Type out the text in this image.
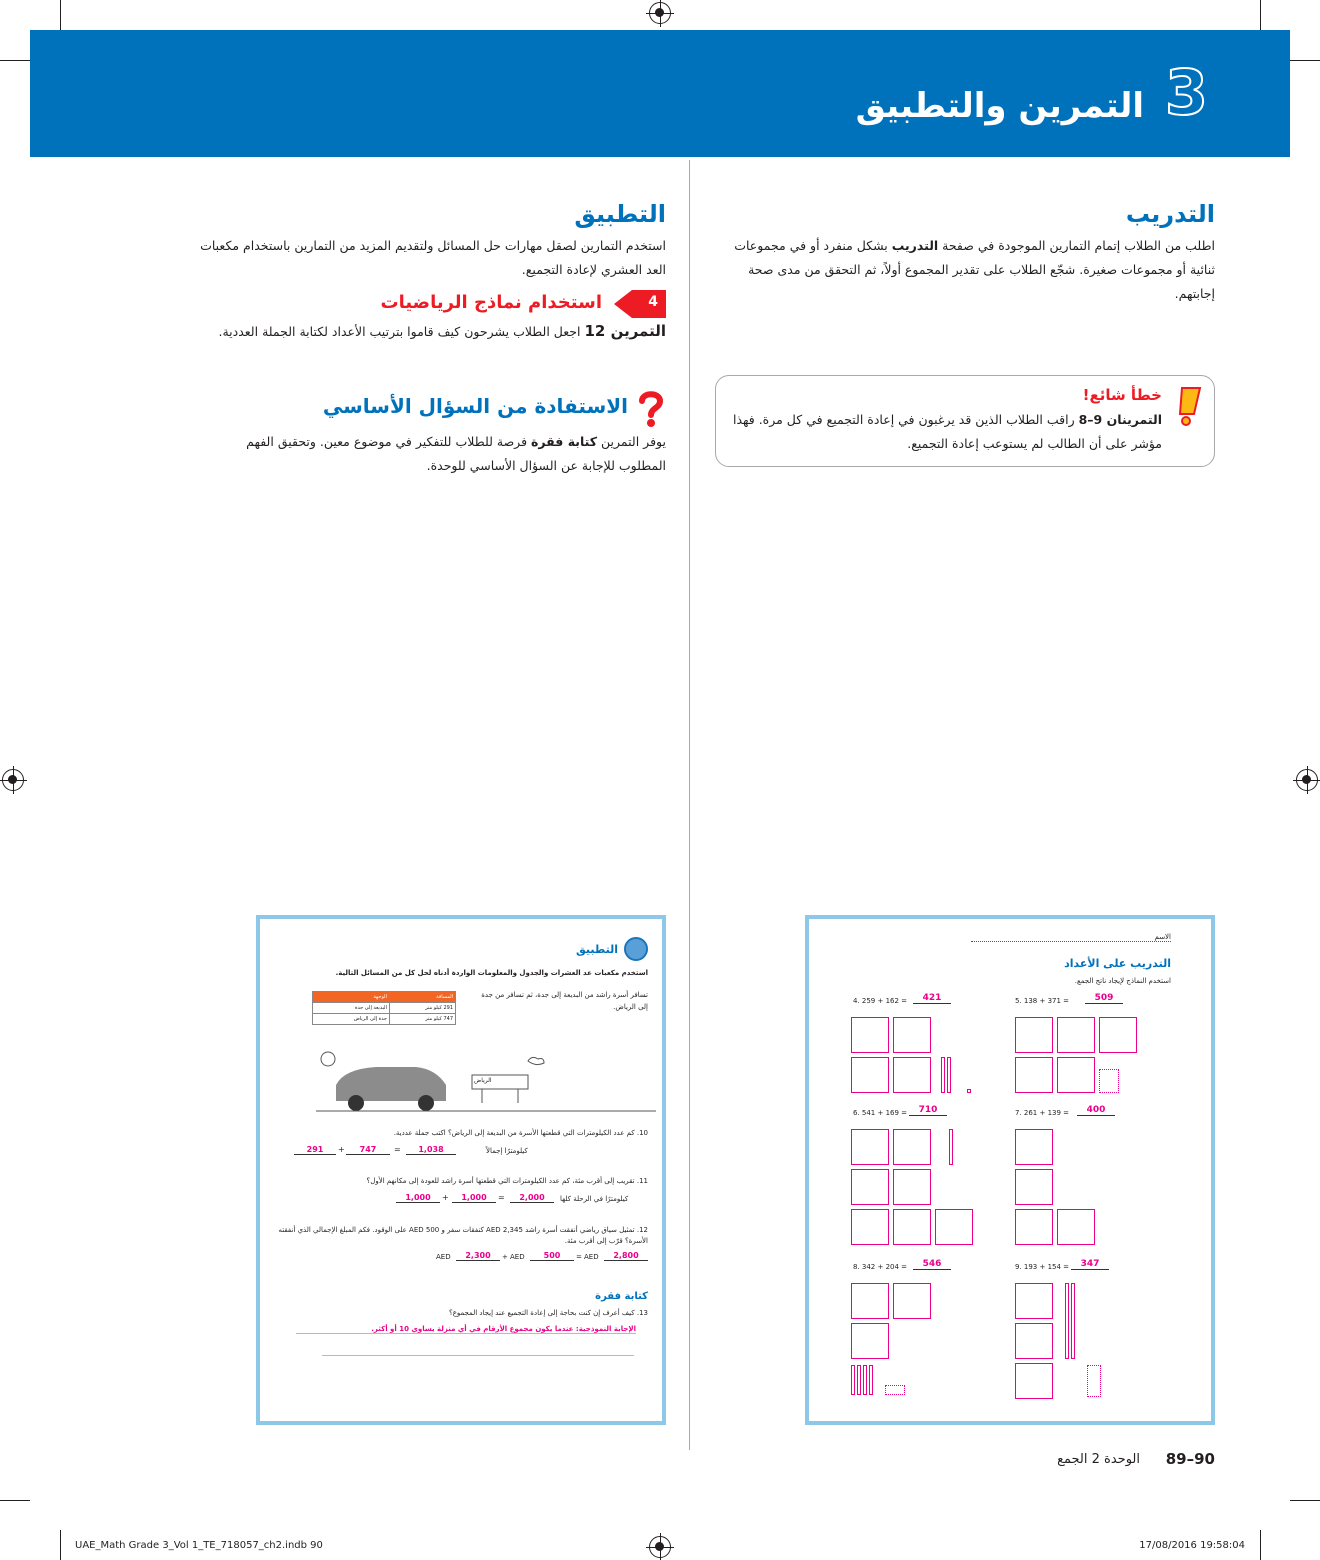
التمرين والتطبيق 3
التدريب

اطلب من الطلاب إتمام التمارين الموجودة في صفحة التدريب بشكل منفرد أو في مجموعات ثنائية أو مجموعات صغيرة. شجّع الطلاب على تقدير المجموع أولاً، ثم التحقق من مدى صحة إجابتهم.

خطأ شائع!

التمرينان 9–8 راقب الطلاب الذين قد يرغبون في إعادة التجميع في كل مرة. فهذا مؤشر على أن الطالب لم يستوعب إعادة التجميع.

التطبيق

استخدم التمارين لصقل مهارات حل المسائل ولتقديم المزيد من التمارين باستخدام مكعبات العد العشري لإعادة التجميع.

4
استخدام نماذج الرياضيات

التمرين 12 اجعل الطلاب يشرحون كيف قاموا بترتيب الأعداد لكتابة الجملة العددية.

الاستفادة من السؤال الأساسي

يوفر التمرين كتابة فقرة فرصة للطلاب للتفكير في موضوع معين. وتحقيق الفهم المطلوب للإجابة عن السؤال الأساسي للوحدة.

التطبيق
استخدم مكعبات عد العشرات والجدول والمعلومات الواردة أدناه لحل كل من المسائل التالية.
تسافر أسرة راشد من البديعة إلى جدة، ثم تسافر من جدة إلى الرياض.
الوجهة	المسافة
البديعة إلى جدة	291 كيلو متر
جدة إلى الرياض	747 كيلو متر
الرياض
10. كم عدد الكيلومترات التي قطعتها الأسرة من البديعة إلى الرياض؟ اكتب جملة عددية.
كيلومترًا إجمالاً
1,038
=
747
+
291
11. تقريب إلى أقرب مئة، كم عدد الكيلومترات التي قطعتها أسرة راشد للعودة إلى مكانهم الأول؟
كيلومترًا في الرحلة كلها
2,000
=
1,000
+
1,000
12. تمثيل سياق رياضي أنفقت أسرة راشد AED 2,345 كنفقات سفر و AED 500 على الوقود. فكم المبلغ الإجمالي الذي أنفقته الأسرة؟ قرّب إلى أقرب مئة.
AED	2,300	+ AED	500	= AED	2,800
كتابة فقرة
13. كيف أعرف إن كنت بحاجة إلى إعادة التجميع عند إيجاد المجموع؟
الإجابة النموذجية: عندما يكون مجموع الأرقام في أي منزلة يساوي 10 أو أكثر.
الاسم
التدريب على الأعداد
استخدم النماذج لإيجاد ناتج الجمع.
5. 138 + 371 =	509
4. 259 + 162 =	421
7. 261 + 139 =	400
6. 541 + 169 =	710
9. 193 + 154 =	347
8. 342 + 204 =	546
89–90
الوحدة 2 الجمع
UAE_Math Grade 3_Vol 1_TE_718057_ch2.indb 90	17/08/2016 19:58:04
